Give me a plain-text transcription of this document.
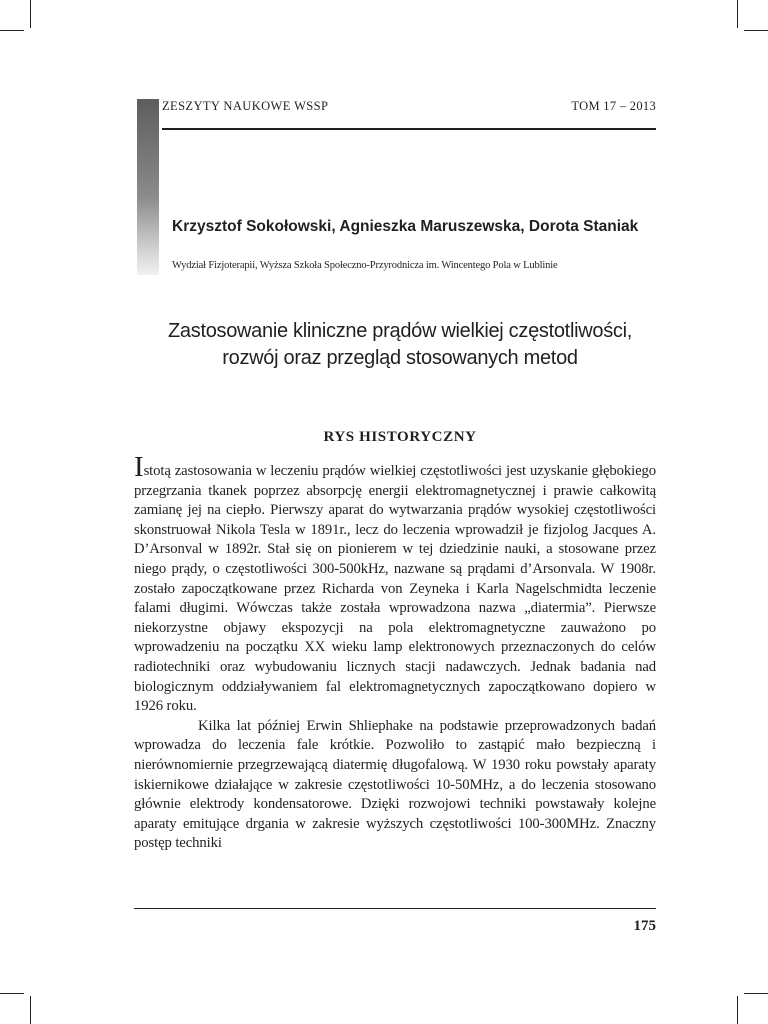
ZESZYTY NAUKOWE WSSP	TOM 17 – 2013
Krzysztof Sokołowski, Agnieszka Maruszewska, Dorota Staniak
Wydział Fizjoterapii, Wyższa Szkoła Społeczno-Przyrodnicza im. Wincentego Pola w Lublinie
Zastosowanie kliniczne prądów wielkiej częstotliwości, rozwój oraz przegląd stosowanych metod
RYS HISTORYCZNY

Istotą zastosowania w leczeniu prądów wielkiej częstotliwości jest uzyskanie głębokiego przegrzania tkanek poprzez absorpcję energii elektromagnetycznej i prawie całkowitą zamianę jej na ciepło. Pierwszy aparat do wytwarzania prądów wysokiej częstotliwości skonstruował Nikola Tesla w 1891r., lecz do leczenia wprowadził je fizjolog Jacques A. D’Arsonval w 1892r. Stał się on pionierem w tej dziedzinie nauki, a stosowane przez niego prądy, o częstotliwości 300-500kHz, nazwane są prądami d’Arsonvala. W 1908r. zostało zapoczątkowane przez Richarda von Zeyneka i Karla Nagelschmidta leczenie falami długimi. Wówczas także została wprowadzona nazwa „diatermia”. Pierwsze niekorzystne objawy ekspozycji na pola elektromagnetyczne zauważono po wprowadzeniu na początku XX wieku lamp elektronowych przeznaczonych do celów radiotechniki oraz wybudowaniu licznych stacji nadawczych. Jednak badania nad biologicznym oddziaływaniem fal elektromagnetycznych zapoczątkowano dopiero w 1926 roku.

Kilka lat później Erwin Shliephake na podstawie przeprowadzonych badań wprowadza do leczenia fale krótkie. Pozwoliło to zastąpić mało bezpieczną i nierównomiernie przegrzewającą diatermię długofalową. W 1930 roku powstały aparaty iskiernikowe działające w zakresie częstotliwości 10-50MHz, a do leczenia stosowano głównie elektrody kondensatorowe. Dzięki rozwojowi techniki powstawały kolejne aparaty emitujące drgania w zakresie wyższych częstotliwości 100-300MHz. Znaczny postęp techniki

175
